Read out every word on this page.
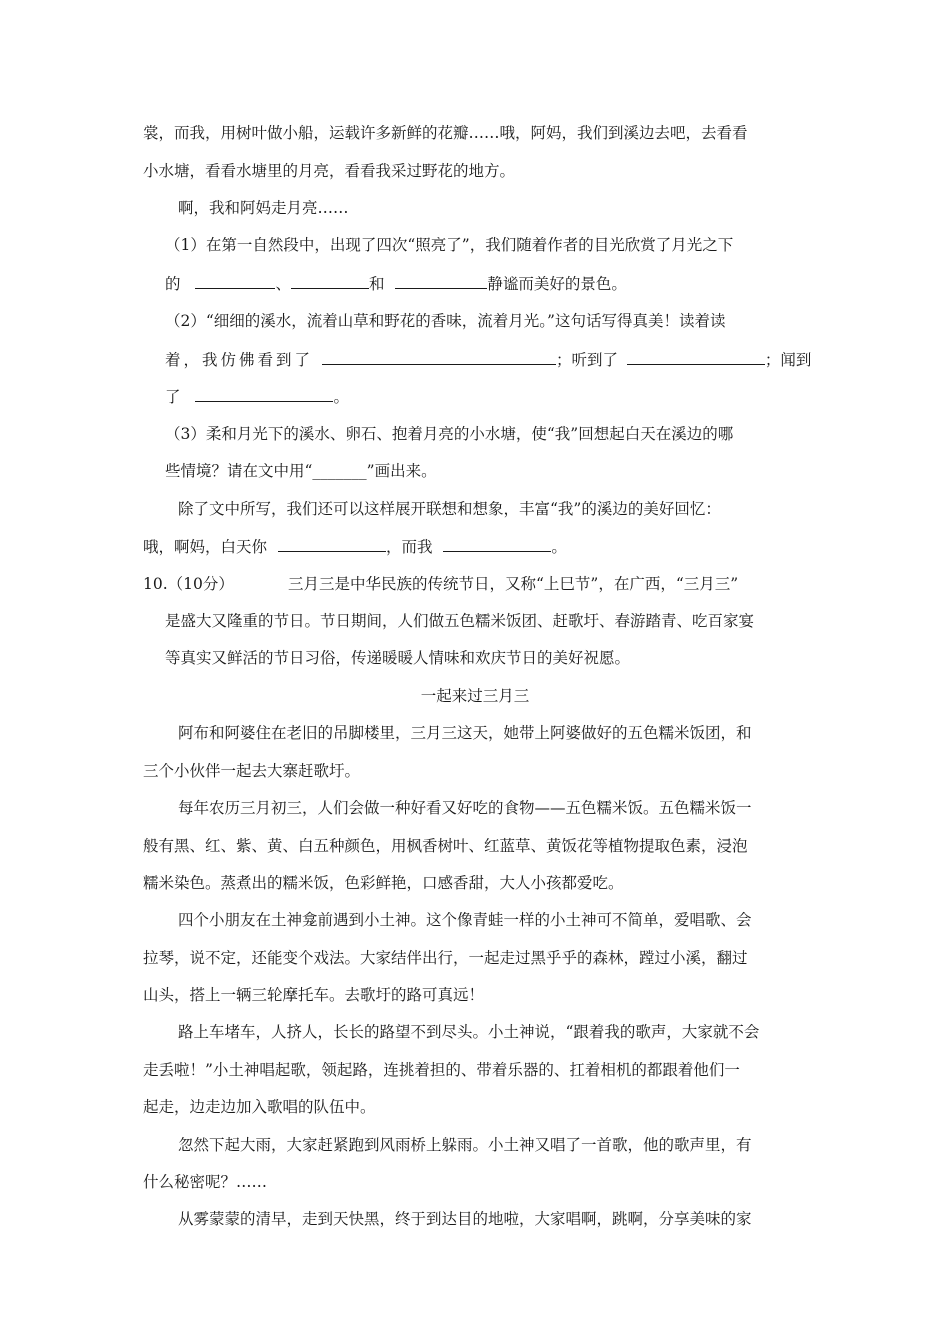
裳，而我，用树叶做小船，运载许多新鲜的花瓣……哦，阿妈，我们到溪边去吧，去看看
小水塘，看看水塘里的月亮，看看我采过野花的地方。
啊，我和阿妈走月亮……
（1）在第一自然段中，出现了四次“照亮了”，我们随着作者的目光欣赏了月光之下
的	、	和	静谧而美好的景色。
（2）“细细的溪水，流着山草和野花的香味，流着月光。”这句话写得真美！读着读
着，我仿佛看到了	；听到了	；闻到
了	。
（3）柔和月光下的溪水、卵石、抱着月亮的小水塘，使“我”回想起白天在溪边的哪
些情境？请在文中用“_______”画出来。
除了文中所写，我们还可以这样展开联想和想象，丰富“我”的溪边的美好回忆：
哦，啊妈，白天你	，而我	。
10.（10分）	三月三是中华民族的传统节日，又称“上巳节”，在广西，“三月三”
是盛大又隆重的节日。节日期间，人们做五色糯米饭团、赶歌圩、春游踏青、吃百家宴
等真实又鲜活的节日习俗，传递暖暖人情味和欢庆节日的美好祝愿。
一起来过三月三
阿布和阿婆住在老旧的吊脚楼里，三月三这天，她带上阿婆做好的五色糯米饭团，和
三个小伙伴一起去大寨赶歌圩。
每年农历三月初三，人们会做一种好看又好吃的食物——五色糯米饭。五色糯米饭一
般有黑、红、紫、黄、白五种颜色，用枫香树叶、红蓝草、黄饭花等植物提取色素，浸泡
糯米染色。蒸煮出的糯米饭，色彩鲜艳，口感香甜，大人小孩都爱吃。
四个小朋友在土神龛前遇到小土神。这个像青蛙一样的小土神可不简单，爱唱歌、会
拉琴，说不定，还能变个戏法。大家结伴出行，一起走过黑乎乎的森林，蹚过小溪，翻过
山头，搭上一辆三轮摩托车。去歌圩的路可真远！
路上车堵车，人挤人，长长的路望不到尽头。小土神说，“跟着我的歌声，大家就不会
走丢啦！”小土神唱起歌，领起路，连挑着担的、带着乐器的、扛着相机的都跟着他们一
起走，边走边加入歌唱的队伍中。
忽然下起大雨，大家赶紧跑到风雨桥上躲雨。小土神又唱了一首歌，他的歌声里，有
什么秘密呢？……
从雾蒙蒙的清早，走到天快黑，终于到达目的地啦，大家唱啊，跳啊，分享美味的家
